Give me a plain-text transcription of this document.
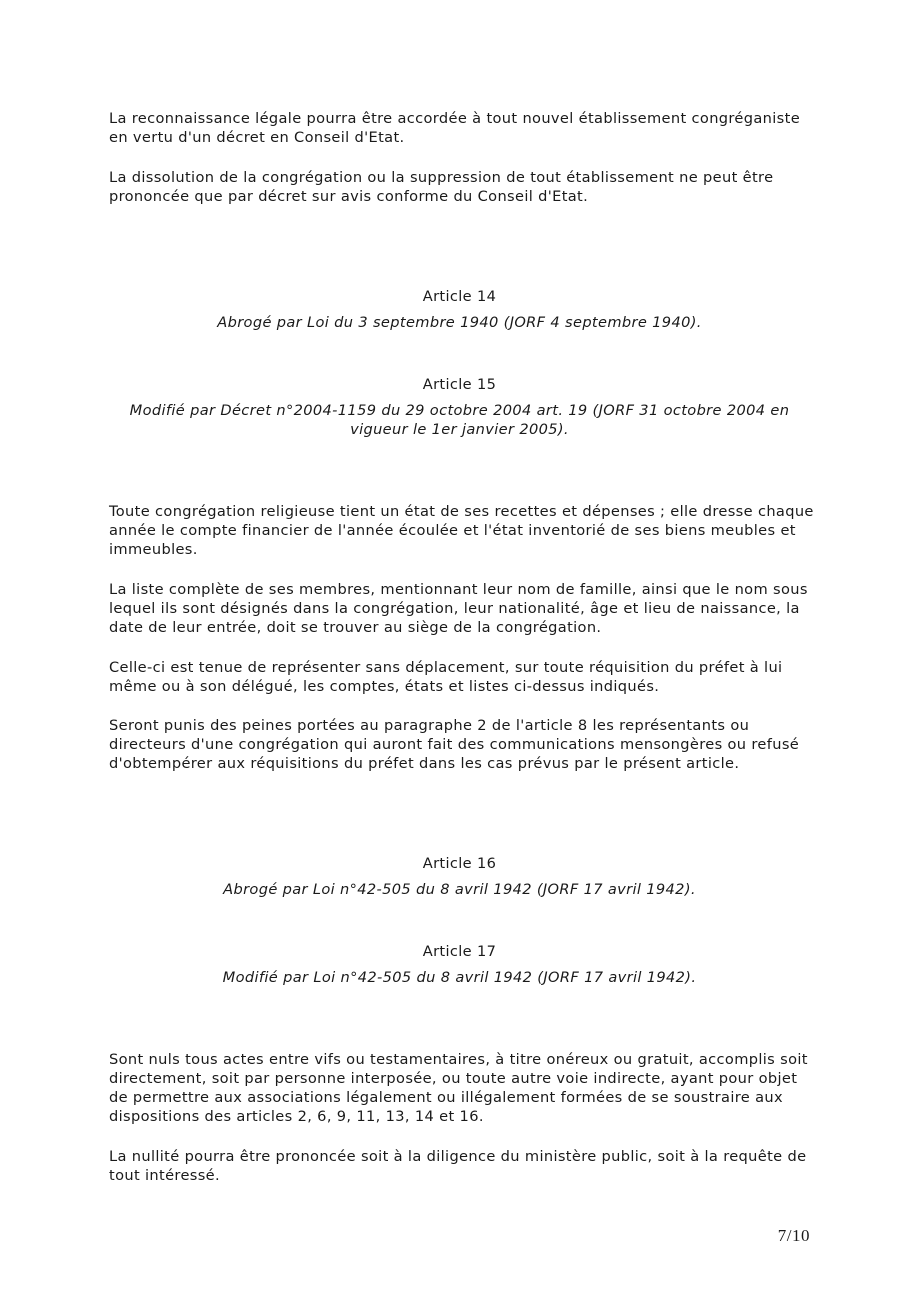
La reconnaissance légale pourra être accordée à tout nouvel établissement congréganiste en vertu d'un décret en Conseil d'Etat.

La dissolution de la congrégation ou la suppression de tout établissement ne peut être prononcée que par décret sur avis conforme du Conseil d'Etat.

Article 14

Abrogé par Loi du 3 septembre 1940 (JORF 4 septembre 1940).

Article 15

Modifié par Décret n°2004-1159 du 29 octobre 2004 art. 19 (JORF 31 octobre 2004 en vigueur le 1er janvier 2005).

Toute congrégation religieuse tient un état de ses recettes et dépenses ; elle dresse chaque année le compte financier de l'année écoulée et l'état inventorié de ses biens meubles et immeubles.

La liste complète de ses membres, mentionnant leur nom de famille, ainsi que le nom sous lequel ils sont désignés dans la congrégation, leur nationalité, âge et lieu de naissance, la date de leur entrée, doit se trouver au siège de la congrégation.

Celle-ci est tenue de représenter sans déplacement, sur toute réquisition du préfet à lui même ou à son délégué, les comptes, états et listes ci-dessus indiqués.

Seront punis des peines portées au paragraphe 2 de l'article 8 les représentants ou directeurs d'une congrégation qui auront fait des communications mensongères ou refusé d'obtempérer aux réquisitions du préfet dans les cas prévus par le présent article.

Article 16

Abrogé par Loi n°42-505 du 8 avril 1942 (JORF 17 avril 1942).

Article 17

Modifié par Loi n°42-505 du 8 avril 1942 (JORF 17 avril 1942).

Sont nuls tous actes entre vifs ou testamentaires, à titre onéreux ou gratuit, accomplis soit directement, soit par personne interposée, ou toute autre voie indirecte, ayant pour objet de permettre aux associations légalement ou illégalement formées de se soustraire aux dispositions des articles 2, 6, 9, 11, 13, 14 et 16.

La nullité pourra être prononcée soit à la diligence du ministère public, soit à la requête de tout intéressé.

7/10
